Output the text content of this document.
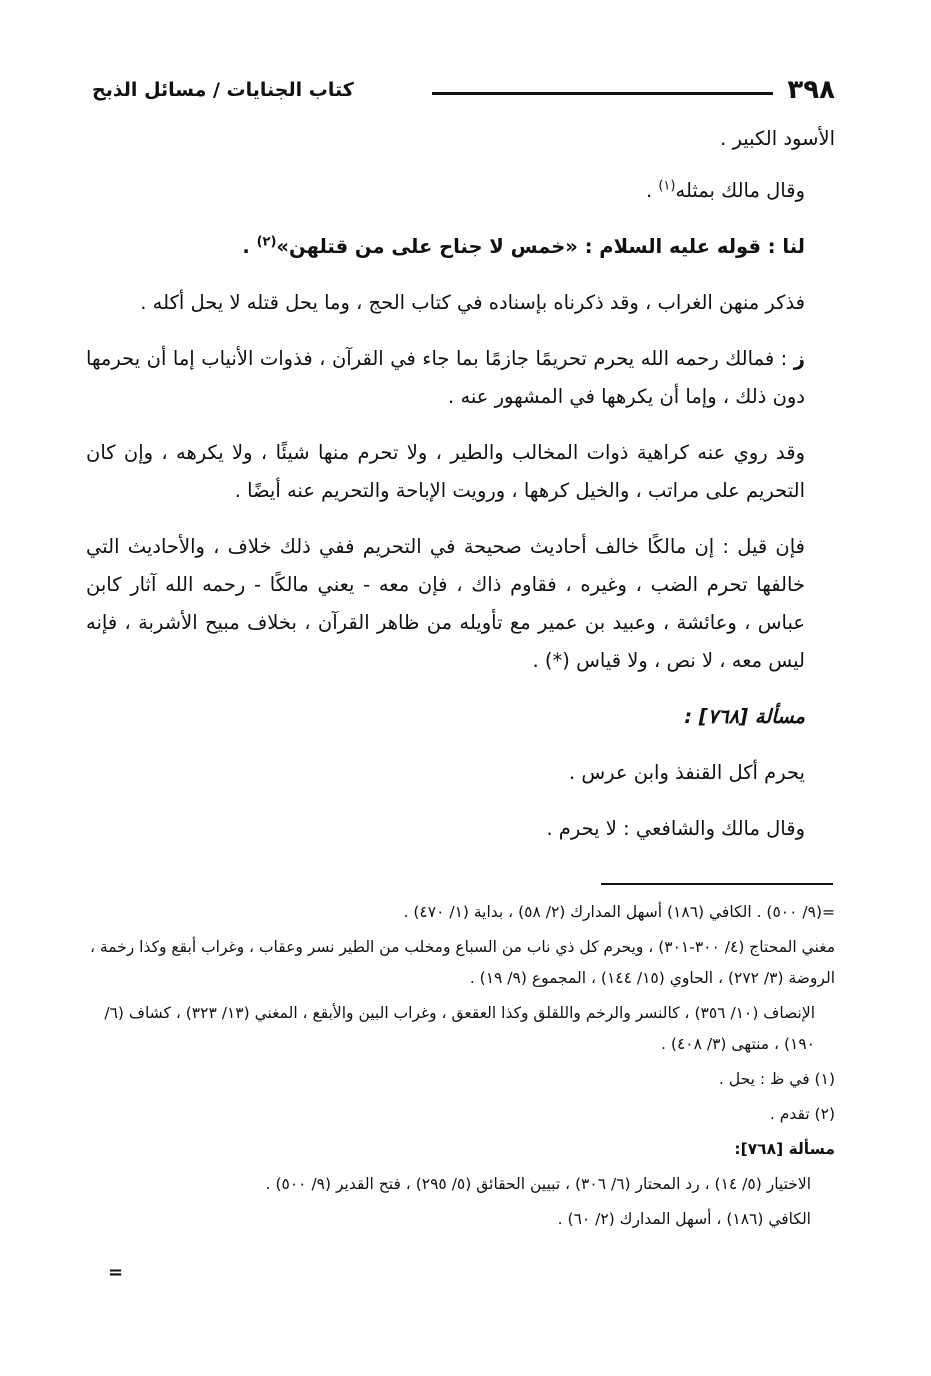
٣٩٨
كتاب الجنايات / مسائل الذبح

الأسود الكبير .

وقال مالك بمثله$^{(١)}$ .

لنا : قوله عليه السلام : «خمس لا جناح على من قتلهن»$^{(٢)}$ .

فذكر منهن الغراب ، وقد ذكرناه بإسناده في كتاب الحج ، وما يحل قتله لا يحل أكله .

ز : فمالك رحمه الله يحرم تحريمًا جازمًا بما جاء في القرآن ، فذوات الأنياب إما أن يحرمها دون ذلك ، وإما أن يكرهها في المشهور عنه .

وقد روي عنه كراهية ذوات المخالب والطير ، ولا تحرم منها شيئًا ، ولا يكرهه ، وإن كان التحريم على مراتب ، والخيل كرهها ، ورويت الإباحة والتحريم عنه أيضًا .

فإن قيل : إن مالكًا خالف أحاديث صحيحة في التحريم ففي ذلك خلاف ، والأحاديث التي خالفها تحرم الضب ، وغيره ، فقاوم ذاك ، فإن معه - يعني مالكًا - رحمه الله آثار كابن عباس ، وعائشة ، وعبيد بن عمير مع تأويله من ظاهر القرآن ، بخلاف مبيح الأشربة ، فإنه ليس معه ، لا نص ، ولا قياس (*) .

مسألة [٧٦٨] :

يحرم أكل القنفذ وابن عرس .

وقال مالك والشافعي : لا يحرم .

=(٩/ ٥٠٠) . الكافي (١٨٦) أسهل المدارك (٢/ ٥٨) ، بداية (١/ ٤٧٠) .

مغني المحتاج (٤/ ٣٠٠-٣٠١) ، ويحرم كل ذي ناب من السباع ومخلب من الطير نسر وعقاب ، وغراب أبقع وكذا رخمة ، الروضة (٣/ ٢٧٢) ، الحاوي (١٥/ ١٤٤) ، المجموع (٩/ ١٩) .

الإنصاف (١٠/ ٣٥٦) ، كالنسر والرخم واللقلق وكذا العقعق ، وغراب البين والأبقع ، المغني (١٣/ ٣٢٣) ، كشاف (٦/ ١٩٠) ، منتهى (٣/ ٤٠٨) .

(١) في ظ : يحل .

(٢) تقدم .

مسألة [٧٦٨]:

الاختيار (٥/ ١٤) ، رد المحتار (٦/ ٣٠٦) ، تبيين الحقائق (٥/ ٢٩٥) ، فتح القدير (٩/ ٥٠٠) .

الكافي (١٨٦) ، أسهل المدارك (٢/ ٦٠) .

=
